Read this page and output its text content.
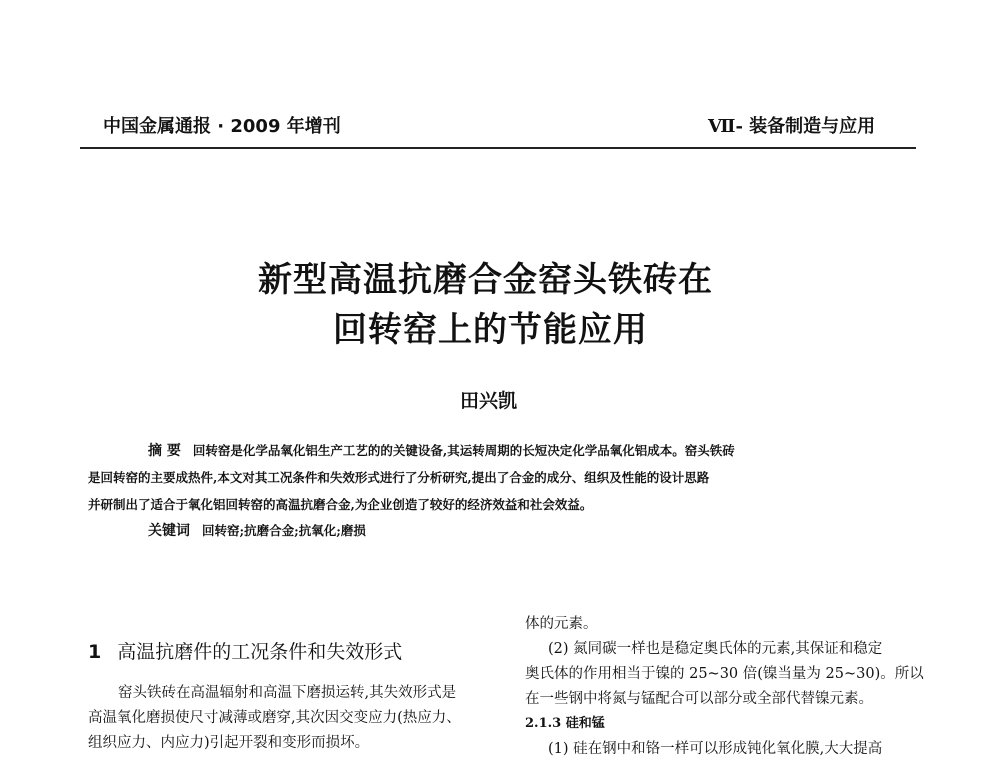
中国金属通报 · 2009 年增刊	Ⅶ- 装备制造与应用
新型高温抗磨合金窑头铁砖在
回转窑上的节能应用
田兴凯
摘 要 回转窑是化学品氧化铝生产工艺的的关键设备,其运转周期的长短决定化学品氧化铝成本。窑头铁砖
是回转窑的主要成热件,本文对其工况条件和失效形式进行了分析研究,提出了合金的成分、组织及性能的设计思路
并研制出了适合于氧化铝回转窑的高温抗磨合金,为企业创造了较好的经济效益和社会效益。
关键词 回转窑;抗磨合金;抗氧化;磨损
1 高温抗磨件的工况条件和失效形式
窑头铁砖在高温辐射和高温下磨损运转,其失效形式是
高温氧化磨损使尺寸减薄或磨穿,其次因交变应力(热应力、
组织应力、内应力)引起开裂和变形而损坏。
体的元素。
(2) 氮同碳一样也是稳定奥氏体的元素,其保证和稳定
奥氏体的作用相当于镍的 25~30 倍(镍当量为 25~30)。所以
在一些钢中将氮与锰配合可以部分或全部代替镍元素。
2.1.3 硅和锰
(1) 硅在钢中和铬一样可以形成钝化氧化膜,大大提高
